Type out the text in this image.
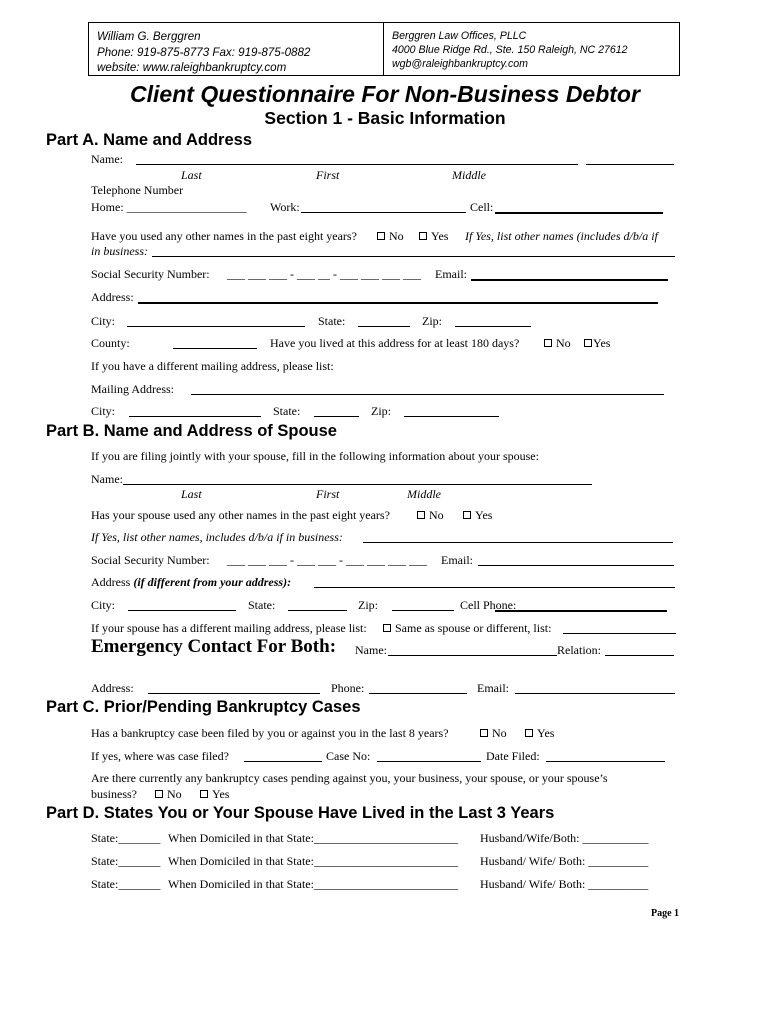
William G. Berggren
Phone: 919-875-8773 Fax: 919-875-0882
website: www.raleighbankruptcy.com
Berggren Law Offices, PLLC
4000 Blue Ridge Rd., Ste. 150 Raleigh, NC 27612
wgb@raleighbankruptcy.com
Client Questionnaire For Non-Business Debtor
Section 1 - Basic Information
Part A. Name and Address
Name:
Last	First	Middle
Telephone Number
Home: ____________________ Work:	Cell:
Have you used any other names in the past eight years?	No	Yes If Yes, list other names (includes d/b/a if
in business:
Social Security Number: ___ ___ ___ - ___ __ - ___ ___ ___ ___ Email:
Address:
City:	State:	Zip:
County:	Have you lived at this address for at least 180 days?	No	Yes
If you have a different mailing address, please list:
Mailing Address:
City:	State:	Zip:
Part B. Name and Address of Spouse
If you are filing jointly with your spouse, fill in the following information about your spouse:
Name:
Last	First	Middle
Has your spouse used any other names in the past eight years?	No	Yes
If Yes, list other names, includes d/b/a if in business:
Social Security Number: ___ ___ ___ - ___ ___ - ___ ___ ___ ___ Email:
Address (if different from your address):
City:	State:	Zip:	Cell Phone:
If your spouse has a different mailing address, please list:	Same as spouse or different, list:
Emergency Contact For Both: Name:	Relation:
Address:	Phone:	Email:
Part C. Prior/Pending Bankruptcy Cases
Has a bankruptcy case been filed by you or against you in the last 8 years?	No	Yes
If yes, where was case filed?	Case No:	Date Filed:
Are there currently any bankruptcy cases pending against you, your business, your spouse, or your spouse’s
business?	No	Yes
Part D. States You or Your Spouse Have Lived in the Last 3 Years
State:_______ When Domiciled in that State:________________________ Husband/Wife/Both: ___________
State:_______ When Domiciled in that State:________________________ Husband/ Wife/ Both: __________
State:_______ When Domiciled in that State:________________________ Husband/ Wife/ Both: __________
Page 1
